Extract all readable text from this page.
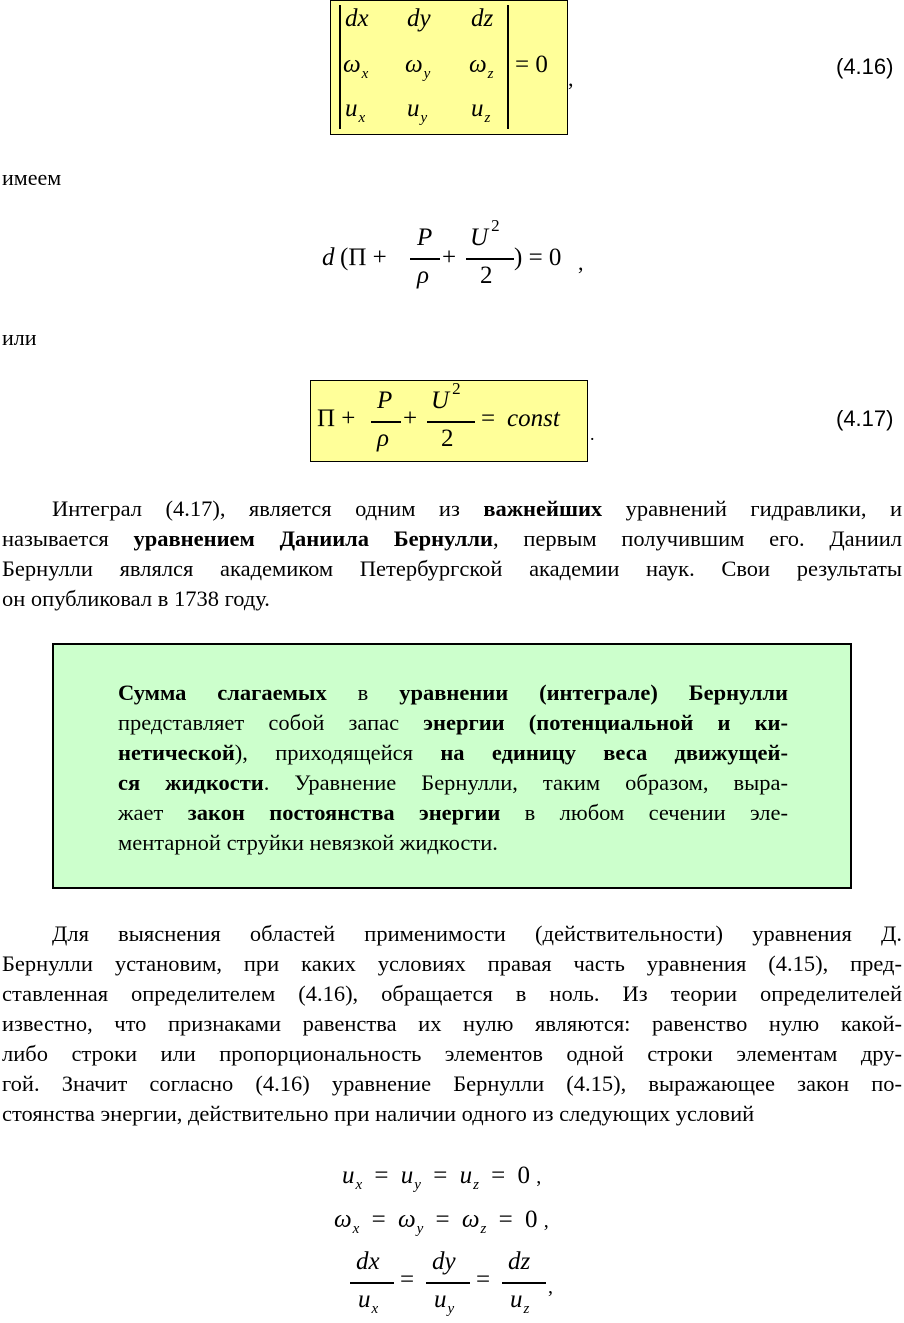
dx dy dz
$\omega_x$ $\omega_y$ $\omega_z$
$u_x$ $u_y$ $u_z$
= 0
,	(4.16)
имеем
d (Π +
P
ρ
+
U $^2$
2
) = 0 ,
или
Π +
P
ρ
+
U $^2$
2
= const
.
(4.17)
Интеграл (4.17), является одним из важнейших уравнений гидравлики, и
называется уравнением Даниила Бернулли, первым получившим его. Даниил
Бернулли являлся академиком Петербургской академии наук. Свои результаты
он опубликовал в 1738 году.
Сумма слагаемых в уравнении (интеграле) Бернулли
представляет собой запас энергии (потенциальной и ки-
нетической), приходящейся на единицу веса движущей-
ся жидкости. Уравнение Бернулли, таким образом, выра-
жает закон постоянства энергии в любом сечении эле-
ментарной струйки невязкой жидкости.
Для выяснения областей применимости (действительности) уравнения Д.
Бернулли установим, при каких условиях правая часть уравнения (4.15), пред-
ставленная определителем (4.16), обращается в ноль. Из теории определителей
известно, что признаками равенства их нулю являются: равенство нулю какой-
либо строки или пропорциональность элементов одной строки элементам дру-
гой. Значит согласно (4.16) уравнение Бернулли (4.15), выражающее закон по-
стоянства энергии, действительно при наличии одного из следующих условий
$u_x = u_y = u_z = 0$ ,
$\omega_x = \omega_y = \omega_z = 0$ ,
dx
$u_x$
=
dy
$u_y$
=
dz
$u_z$
,
